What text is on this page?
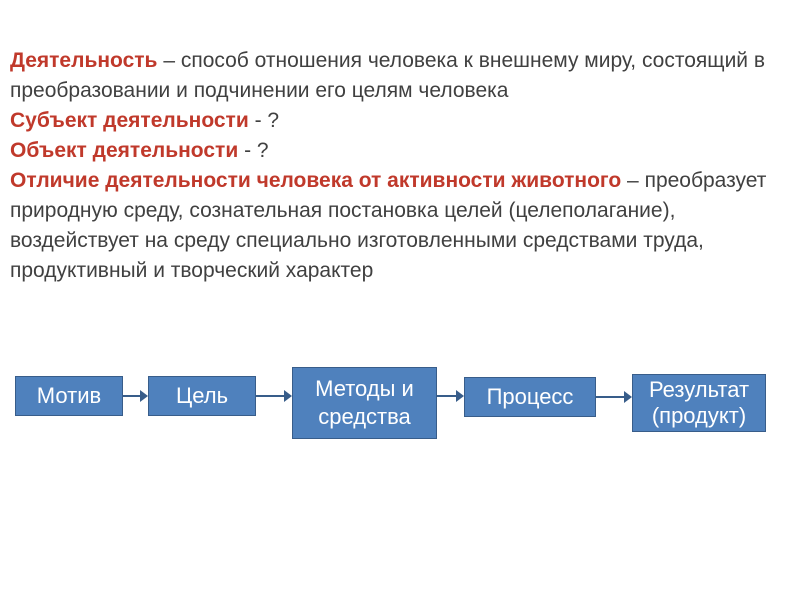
Деятельность – способ отношения человека к внешнему миру, состоящий в преобразовании и подчинении его целям человека

Субъект деятельности - ?

Объект деятельности - ?

Отличие деятельности человека от активности животного – преобразует природную среду, сознательная постановка целей (целеполагание), воздействует на среду специально изготовленными средствами труда, продуктивный и творческий характер

Мотив	Цель	Методы и средства
Процесс	Результат (продукт)
